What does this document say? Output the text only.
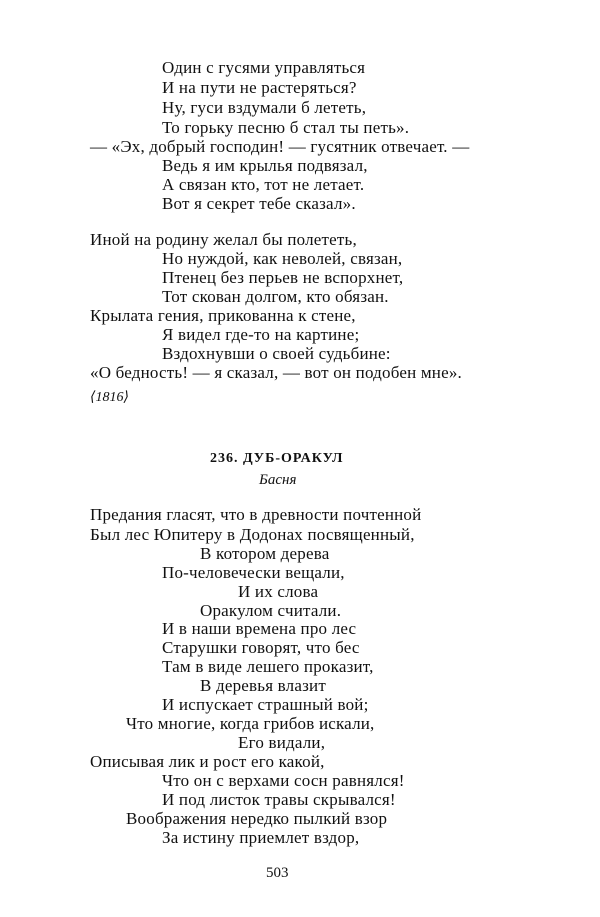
Один с гусями управляться
И на пути не растеряться?
Ну, гуси вздумали б лететь,
То горьку песню б стал ты петь».
— «Эх, добрый господин! — гусятник отвечает. —
Ведь я им крылья подвязал,
А связан кто, тот не летает.
Вот я секрет тебе сказал».
Иной на родину желал бы полететь,
Но нуждой, как неволей, связан,
Птенец без перьев не вспорхнет,
Тот скован долгом, кто обязан.
Крылата гения, прикованна к стене,
Я видел где-то на картине;
Вздохнувши о своей судьбине:
«О бедность! — я сказал, — вот он подобен мне».
⟨1816⟩
236. ДУБ-ОРАКУЛ
Басня
Предания гласят, что в древности почтенной
Был лес Юпитеру в Додонах посвященный,
В котором дерева
По-человечески вещали,
И их слова
Оракулом считали.
И в наши времена про лес
Старушки говорят, что бес
Там в виде лешего проказит,
В деревья влазит
И испускает страшный вой;
Что многие, когда грибов искали,
Его видали,
Описывая лик и рост его какой,
Что он с верхами сосн равнялся!
И под листок травы скрывался!
Воображения нередко пылкий взор
За истину приемлет вздор,
503
